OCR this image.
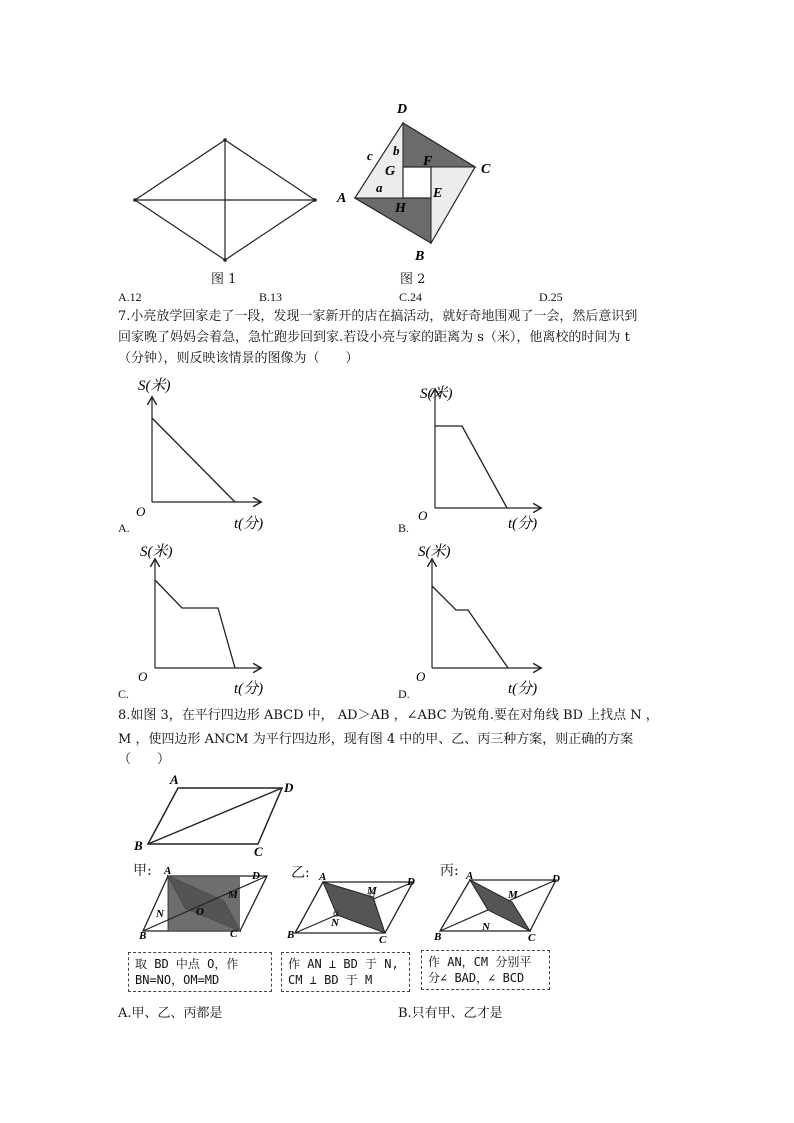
图 1
D
C
A
B
F
G
E
H
c b
a
图 2
A.12	B.13	C.24	D.25
7.小亮放学回家走了一段，发现一家新开的店在搞活动，就好奇地围观了一会，然后意识到
回家晚了妈妈会着急，急忙跑步回到家.若设小亮与家的距离为 s（米），他离校的时间为 t
（分钟），则反映该情景的图像为（　　）
S(米)
O
t(分)
A.
S(米)
O
t(分)
B.
S(米)
O
t(分)
C.
S(米)
O
t(分)
D.
8.如图 3，在平行四边形 ABCD 中， AD＞AB ，∠ABC 为锐角.要在对角线 BD 上找点 N ，
M ，使四边形 ANCM 为平行四边形，现有图 4 中的甲、乙、丙三种方案，则正确的方案
（　　）
A
D
B	C
甲: A	D
B	C
N
M
O
取 BD 中点 O，作
BN=NO，OM=MD
乙: A	D
B	C
N
M
作 AN ⊥ BD 于 N,
CM ⊥ BD 于 M
丙: A	D
B	C
N
M
作 AN，CM 分别平
分∠ BAD，∠ BCD
A.甲、乙、丙都是	B.只有甲、乙才是
